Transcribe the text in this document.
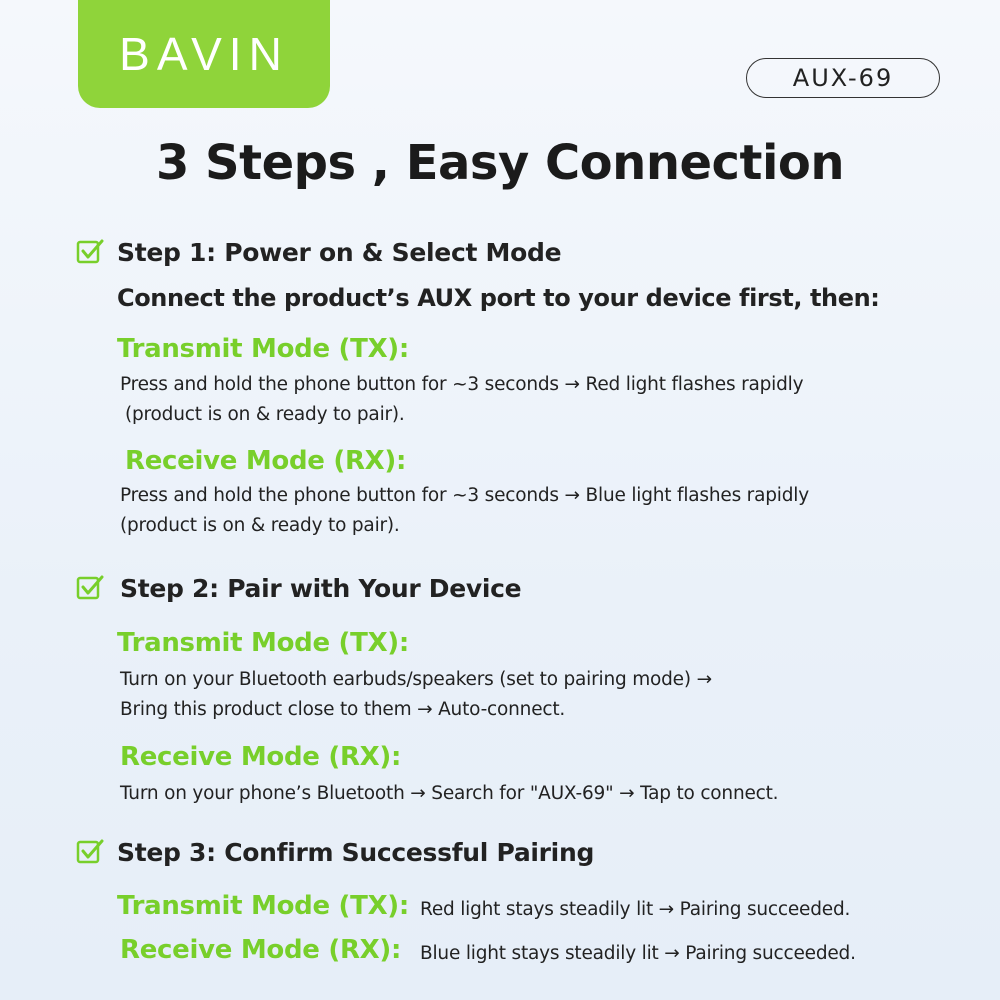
BAVIN	AUX-69
3 Steps , Easy Connection
Step 1: Power on & Select Mode
Connect the product’s AUX port to your device first, then:
Transmit Mode (TX):
Press and hold the phone button for ~3 seconds → Red light flashes rapidly
(product is on & ready to pair).
Receive Mode (RX):
Press and hold the phone button for ~3 seconds → Blue light flashes rapidly
(product is on & ready to pair).
Step 2: Pair with Your Device
Transmit Mode (TX):
Turn on your Bluetooth earbuds/speakers (set to pairing mode) →
Bring this product close to them → Auto-connect.
Receive Mode (RX):
Turn on your phone’s Bluetooth → Search for "AUX-69" → Tap to connect.
Step 3: Confirm Successful Pairing
Transmit Mode (TX): Red light stays steadily lit → Pairing succeeded.
Receive Mode (RX): Blue light stays steadily lit → Pairing succeeded.
